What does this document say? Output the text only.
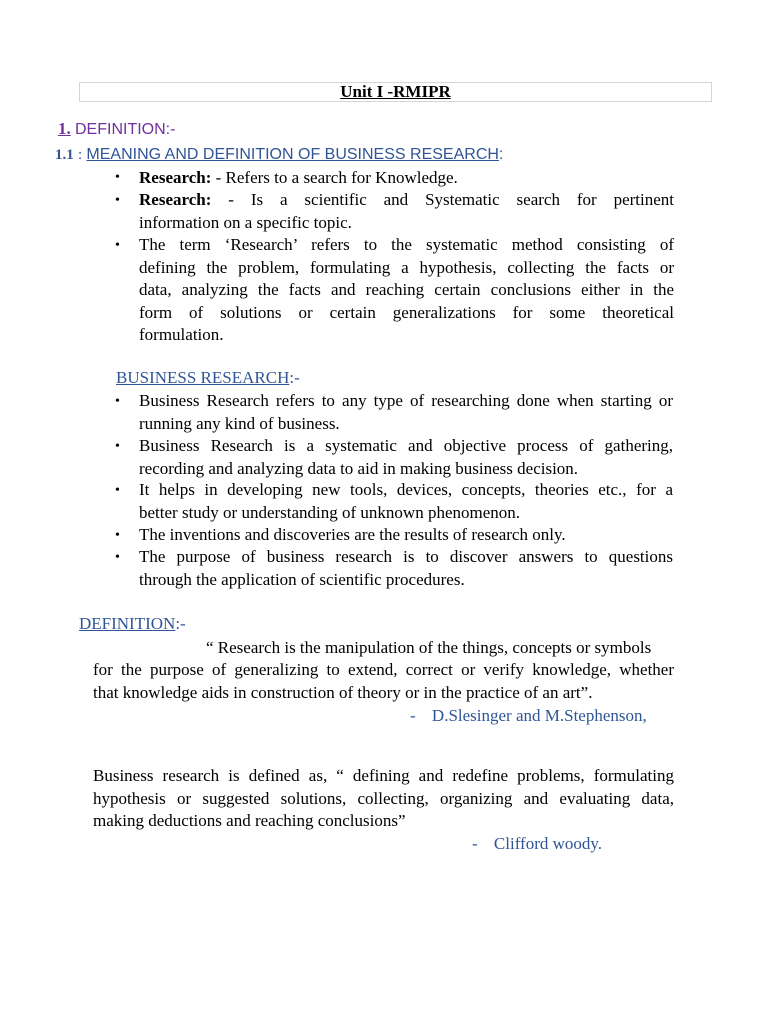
Unit I -RMIPR
1. DEFINITION:-
1.1 : MEANING AND DEFINITION OF BUSINESS RESEARCH:
• Research: - Refers to a search for Knowledge.
• Research: - Is a scientific and Systematic search for pertinent
information on a specific topic.
• The term ‘Research’ refers to the systematic method consisting of
defining the problem, formulating a hypothesis, collecting the facts or
data, analyzing the facts and reaching certain conclusions either in the
form of solutions or certain generalizations for some theoretical
formulation.
BUSINESS RESEARCH:-
• Business Research refers to any type of researching done when starting or
running any kind of business.
• Business Research is a systematic and objective process of gathering,
recording and analyzing data to aid in making business decision.
• It helps in developing new tools, devices, concepts, theories etc., for a
better study or understanding of unknown phenomenon.
• The inventions and discoveries are the results of research only.
• The purpose of business research is to discover answers to questions
through the application of scientific procedures.
DEFINITION:-
“ Research is the manipulation of the things, concepts or symbols
for the purpose of generalizing to extend, correct or verify knowledge, whether
that knowledge aids in construction of theory or in the practice of an art”.
- D.Slesinger and M.Stephenson,
Business research is defined as, “ defining and redefine problems, formulating
hypothesis or suggested solutions, collecting, organizing and evaluating data,
making deductions and reaching conclusions”
- Clifford woody.
